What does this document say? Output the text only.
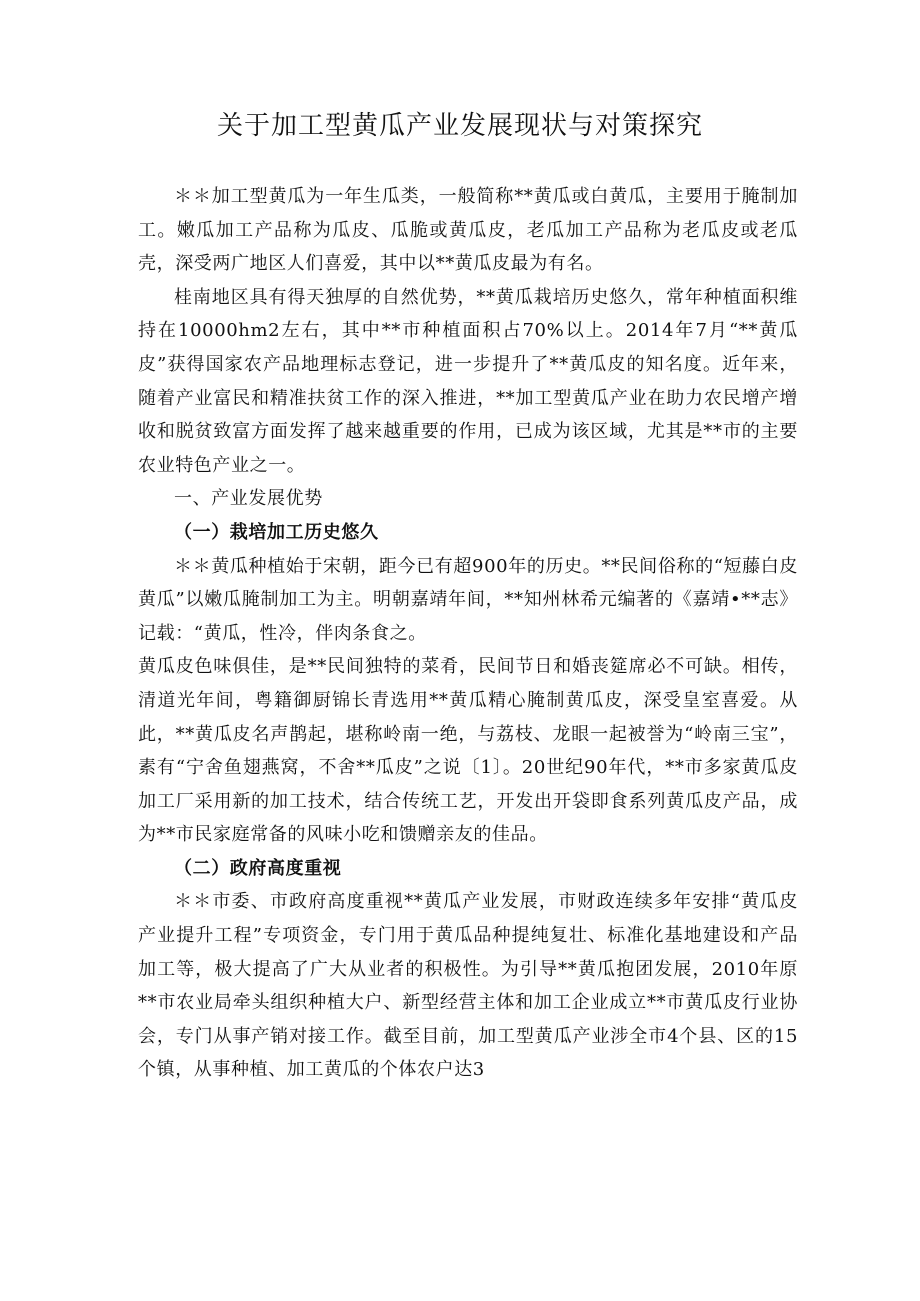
关于加工型黄瓜产业发展现状与对策探究

＊＊加工型黄瓜为一年生瓜类，一般简称**黄瓜或白黄瓜，主要用于腌制加工。嫩瓜加工产品称为瓜皮、瓜脆或黄瓜皮，老瓜加工产品称为老瓜皮或老瓜壳，深受两广地区人们喜爱，其中以**黄瓜皮最为有名。

桂南地区具有得天独厚的自然优势，**黄瓜栽培历史悠久，常年种植面积维持在10000hm2左右，其中**市种植面积占70%以上。2014年7月“**黄瓜皮”获得国家农产品地理标志登记，进一步提升了**黄瓜皮的知名度。近年来，随着产业富民和精准扶贫工作的深入推进，**加工型黄瓜产业在助力农民增产增收和脱贫致富方面发挥了越来越重要的作用，已成为该区域，尤其是**市的主要农业特色产业之一。

一、产业发展优势
（一）栽培加工历史悠久

＊＊黄瓜种植始于宋朝，距今已有超900年的历史。**民间俗称的“短藤白皮黄瓜”以嫩瓜腌制加工为主。明朝嘉靖年间，**知州林希元编著的《嘉靖•**志》记载：“黄瓜，性冷，伴肉条食之。

黄瓜皮色味俱佳，是**民间独特的菜肴，民间节日和婚丧筵席必不可缺。相传，清道光年间，粤籍御厨锦长青选用**黄瓜精心腌制黄瓜皮，深受皇室喜爱。从此，**黄瓜皮名声鹊起，堪称岭南一绝，与荔枝、龙眼一起被誉为“岭南三宝”，素有“宁舍鱼翅燕窝，不舍**瓜皮”之说〔1〕。20世纪90年代，**市多家黄瓜皮加工厂采用新的加工技术，结合传统工艺，开发出开袋即食系列黄瓜皮产品，成为**市民家庭常备的风味小吃和馈赠亲友的佳品。

（二）政府高度重视

＊＊市委、市政府高度重视**黄瓜产业发展，市财政连续多年安排“黄瓜皮产业提升工程”专项资金，专门用于黄瓜品种提纯复壮、标准化基地建设和产品加工等，极大提高了广大从业者的积极性。为引导**黄瓜抱团发展，2010年原**市农业局牵头组织种植大户、新型经营主体和加工企业成立**市黄瓜皮行业协会，专门从事产销对接工作。截至目前，加工型黄瓜产业涉全市4个县、区的15个镇，从事种植、加工黄瓜的个体农户达3
